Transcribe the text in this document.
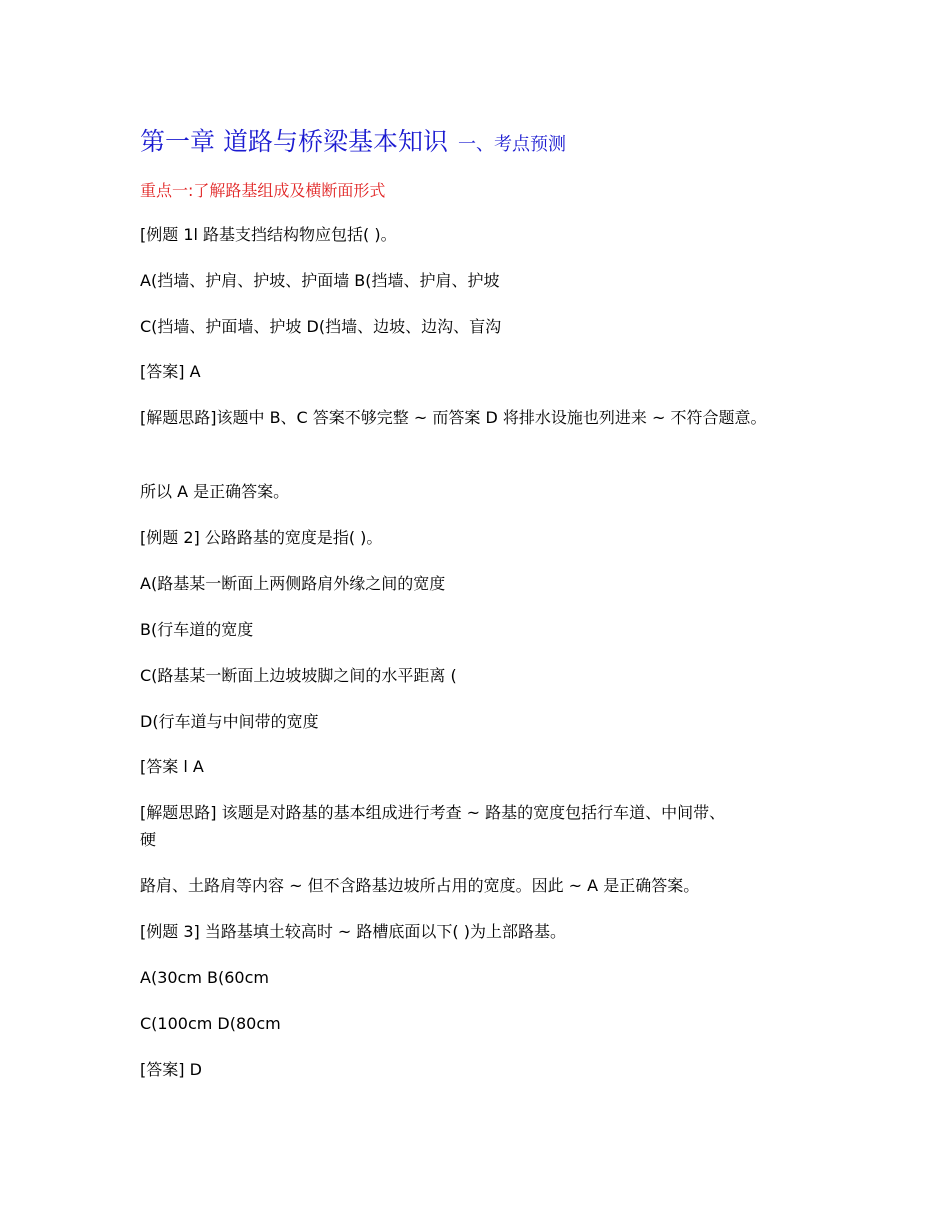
第一章 道路与桥梁基本知识 一、考点预测
重点一:了解路基组成及横断面形式
[例题 1l 路基支挡结构物应包括( )。
A(挡墙、护肩、护坡、护面墙 B(挡墙、护肩、护坡
C(挡墙、护面墙、护坡 D(挡墙、边坡、边沟、盲沟
[答案] A
[解题思路]该题中 B、C 答案不够完整 ~ 而答案 D 将排水设施也列进来 ~ 不符合题意。
所以 A 是正确答案。
[例题 2] 公路路基的宽度是指( )。
A(路基某一断面上两侧路肩外缘之间的宽度
B(行车道的宽度
C(路基某一断面上边坡坡脚之间的水平距离 (
D(行车道与中间带的宽度
[答案 l A
[解题思路] 该题是对路基的基本组成进行考查 ~ 路基的宽度包括行车道、中间带、
硬
路肩、土路肩等内容 ~ 但不含路基边坡所占用的宽度。因此 ~ A 是正确答案。
[例题 3] 当路基填土较高时 ~ 路槽底面以下( )为上部路基。
A(30cm B(60cm
C(100cm D(80cm
[答案] D
